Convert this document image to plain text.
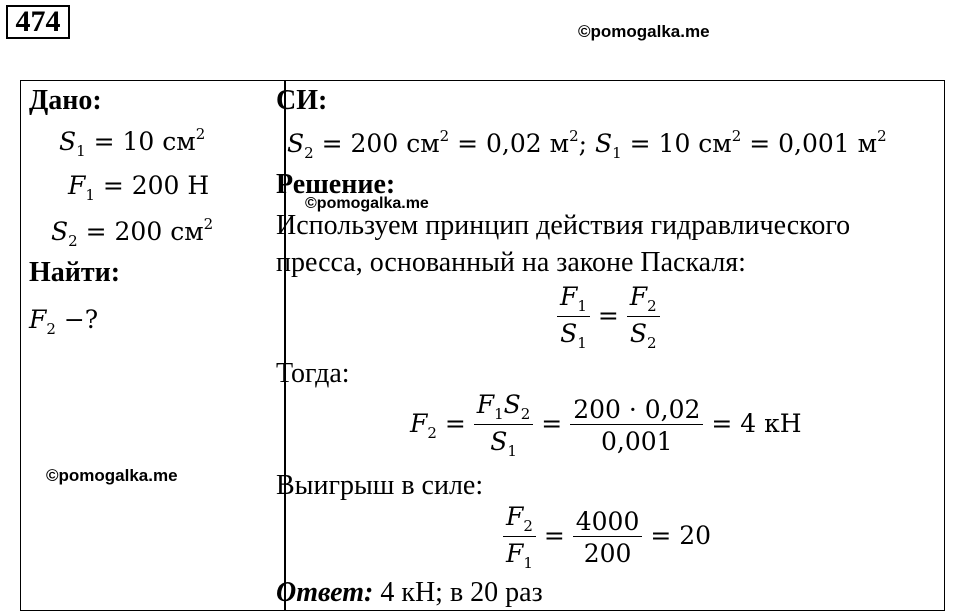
474	©pomogalka.me
Дано:
$S_1 = 10$ $см^2$
$F_1 = 200$ Н
$S_2 = 200$ $см^2$
Найти:
$F_2$ −?
СИ:
$S_2 = 200$ $см^2 = 0,02$ $м^2$; $S_1 = 10$ $см^2 = 0,001$ $м^2$
Решение:
Используем принцип действия гидравлического
пресса, основанный на законе Паскаля:
$\frac{F_1}{S_1} = \frac{F_2}{S_2}$
Тогда:
$F_2 = \frac{F_1S_2}{S_1} = \frac{200 \cdot 0,02}{0,001} = 4$ кН
Выигрыш в силе:
$\frac{F_2}{F_1} = \frac{4000}{200} = 20$
Ответ: 4 кН; в 20 раз
©pomogalka.me
©pomogalka.me
